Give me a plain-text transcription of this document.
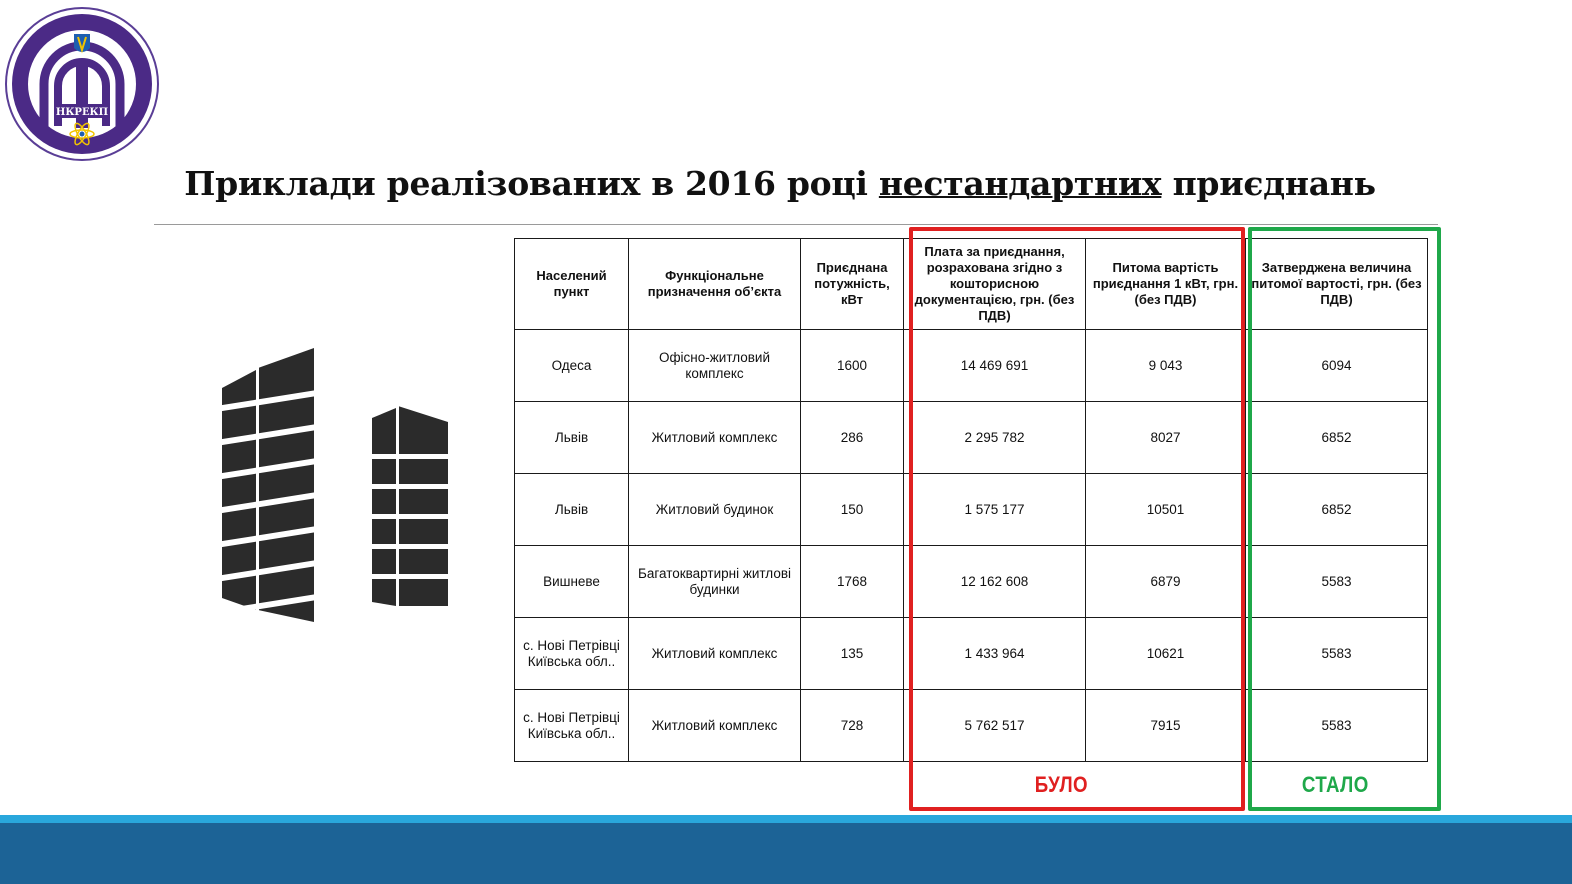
НКРЕКП
Приклади реалізованих в 2016 році нестандартних приєднань
Населений пункт	Функціональне призначення об’єкта	Приєднана потужність, кВт	Плата за приєднання, розрахована згідно з кошторисною документацією, грн. (без ПДВ)	Питома вартість приєднання 1 кВт, грн. (без ПДВ)	Затверджена величина питомої вартості, грн. (без ПДВ)
Одеса	Офісно-житловий комплекс	1600	14 469 691	9 043	6094
Львів	Житловий комплекс	286	2 295 782	8027	6852
Львів	Житловий будинок	150	1 575 177	10501	6852
Вишневе	Багатоквартирні житлові будинки	1768	12 162 608	6879	5583
с. Нові Петрівці Київська обл..	Житловий комплекс	135	1 433 964	10621	5583
с. Нові Петрівці Київська обл..	Житловий комплекс	728	5 762 517	7915	5583
БУЛО	СТАЛО
